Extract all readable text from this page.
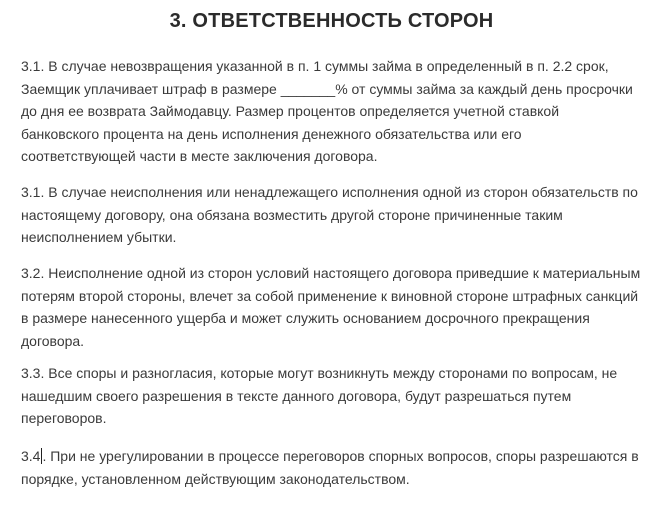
3. ОТВЕТСТВЕННОСТЬ СТОРОН

3.1. В случае невозвращения указанной в п. 1 суммы займа в определенный в п. 2.2 срок,
Заемщик уплачивает штраф в размере _______% от суммы займа за каждый день просрочки
до дня ее возврата Займодавцу. Размер процентов определяется учетной ставкой
банковского процента на день исполнения денежного обязательства или его
соответствующей части в месте заключения договора.

3.1. В случае неисполнения или ненадлежащего исполнения одной из сторон обязательств по
настоящему договору, она обязана возместить другой стороне причиненные таким
неисполнением убытки.

3.2. Неисполнение одной из сторон условий настоящего договора приведшие к материальным
потерям второй стороны, влечет за собой применение к виновной стороне штрафных санкций
в размере нанесенного ущерба и может служить основанием досрочного прекращения
договора.

3.3. Все споры и разногласия, которые могут возникнуть между сторонами по вопросам, не
нашедшим своего разрешения в тексте данного договора, будут разрешаться путем
переговоров.

3.4 . При не урегулировании в процессе переговоров спорных вопросов, споры разрешаются в
порядке, установленном действующим законодательством.
